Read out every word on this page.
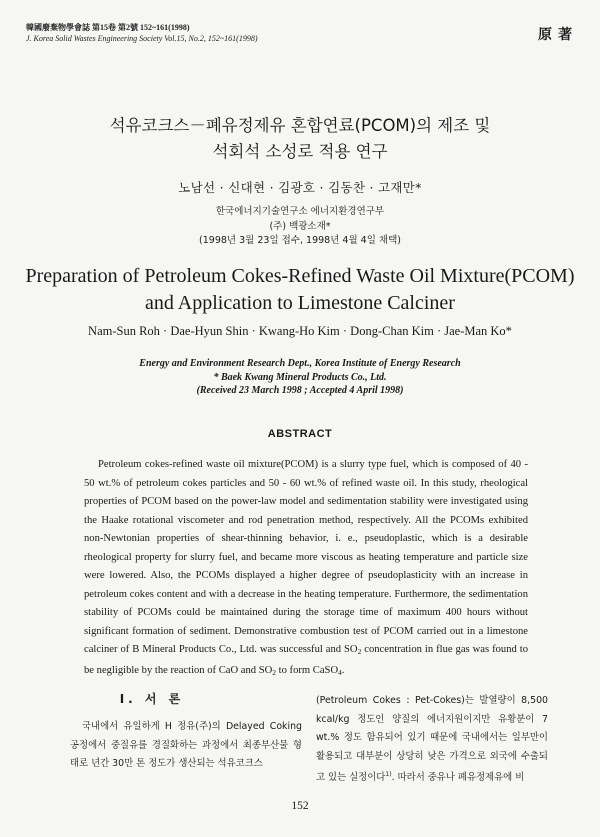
韓國廢棄物學會誌 第15卷 第2號 152~161(1998)
J. Korea Solid Wastes Engineering Society Vol.15, No.2, 152~161(1998)	原著
석유코크스－폐유정제유 혼합연료(PCOM)의 제조 및
석회석 소성로 적용 연구
노남선 · 신대현 · 김광호 · 김동찬 · 고재만*
한국에너지기술연구소 에너지환경연구부
(주) 백광소재*
(1998년 3월 23일 접수, 1998년 4월 4일 채택)
Preparation of Petroleum Cokes-Refined Waste Oil Mixture(PCOM)
and Application to Limestone Calciner
Nam-Sun Roh · Dae-Hyun Shin · Kwang-Ho Kim · Dong-Chan Kim · Jae-Man Ko*
Energy and Environment Research Dept., Korea Institute of Energy Research
* Baek Kwang Mineral Products Co., Ltd.
(Received 23 March 1998 ; Accepted 4 April 1998)
ABSTRACT

Petroleum cokes-refined waste oil mixture(PCOM) is a slurry type fuel, which is composed of 40 - 50 wt.% of petroleum cokes particles and 50 - 60 wt.% of refined waste oil. In this study, rheological properties of PCOM based on the power-law model and sedimentation stability were investigated using the Haake rotational viscometer and rod penetration method, respectively. All the PCOMs exhibited non-Newtonian properties of shear-thinning behavior, i. e., pseudoplastic, which is a desirable rheological property for slurry fuel, and became more viscous as heating temperature and particle size were lowered. Also, the PCOMs displayed a higher degree of pseudoplasticity with an increase in petroleum cokes content and with a decrease in the heating temperature. Furthermore, the sedimentation stability of PCOMs could be maintained during the storage time of maximum 400 hours without significant formation of sediment. Demonstrative combustion test of PCOM carried out in a limestone calciner of B Mineral Products Co., Ltd. was successful and $SO_2$ concentration in flue gas was found to be negligible by the reaction of CaO and $SO_2$ to form CaSO$_4$.

I. 서 론

국내에서 유일하게 H 정유(주)의 Delayed Coking 공정에서 중질유를 경질화하는 과정에서 최종부산물 형태로 년간 30만 톤 정도가 생산되는 석유코크스

(Petroleum Cokes : Pet-Cokes)는 발열량이 8,500 kcal/kg 정도인 양질의 에너지원이지만 유황분이 7 wt.% 정도 함유되어 있기 때문에 국내에서는 일부만이 활용되고 대부분이 상당히 낮은 가격으로 외국에 수출되고 있는 실정이다$^{1)}$. 따라서 중유나 폐유정제유에 비

152
